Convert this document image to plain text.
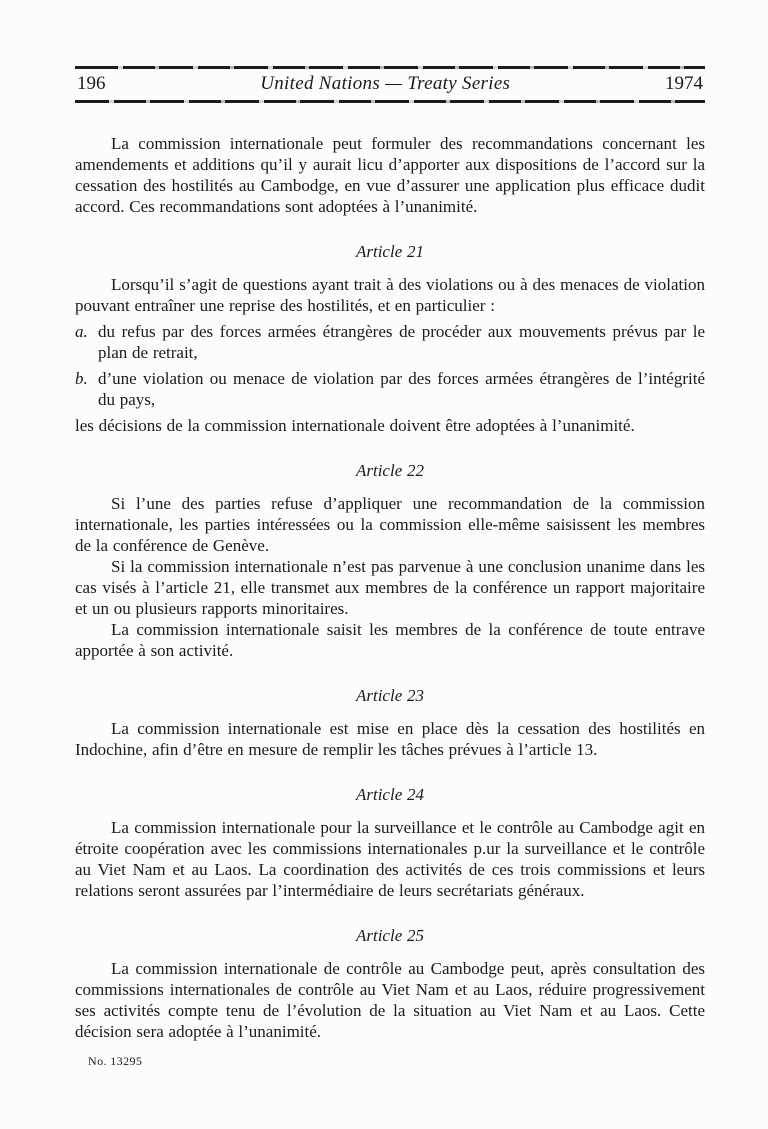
196	United Nations — Treaty Series	1974

La commission internationale peut formuler des recommandations concernant les amendements et additions qu’il y aurait licu d’apporter aux dispositions de l’accord sur la cessation des hostilités au Cambodge, en vue d’assurer une application plus efficace dudit accord. Ces recommandations sont adoptées à l’unanimité.

Article 21

Lorsqu’il s’agit de questions ayant trait à des violations ou à des menaces de violation pouvant entraîner une reprise des hostilités, et en particulier :

a. du refus par des forces armées étrangères de procéder aux mouvements prévus par le plan de retrait,
b. d’une violation ou menace de violation par des forces armées étrangères de l’intégrité du pays,

les décisions de la commission internationale doivent être adoptées à l’unanimité.

Article 22

Si l’une des parties refuse d’appliquer une recommandation de la commission internationale, les parties intéressées ou la commission elle-même saisissent les membres de la conférence de Genève.

Si la commission internationale n’est pas parvenue à une conclusion unanime dans les cas visés à l’article 21, elle transmet aux membres de la conférence un rapport majoritaire et un ou plusieurs rapports minoritaires.

La commission internationale saisit les membres de la conférence de toute entrave apportée à son activité.

Article 23

La commission internationale est mise en place dès la cessation des hostilités en Indochine, afin d’être en mesure de remplir les tâches prévues à l’article 13.

Article 24

La commission internationale pour la surveillance et le contrôle au Cambodge agit en étroite coopération avec les commissions internationales p.ur la surveillance et le contrôle au Viet Nam et au Laos. La coordination des activités de ces trois commissions et leurs relations seront assurées par l’intermédiaire de leurs secrétariats généraux.

Article 25

La commission internationale de contrôle au Cambodge peut, après consultation des commissions internationales de contrôle au Viet Nam et au Laos, réduire progressivement ses activités compte tenu de l’évolution de la situation au Viet Nam et au Laos. Cette décision sera adoptée à l’unanimité.

No. 13295
